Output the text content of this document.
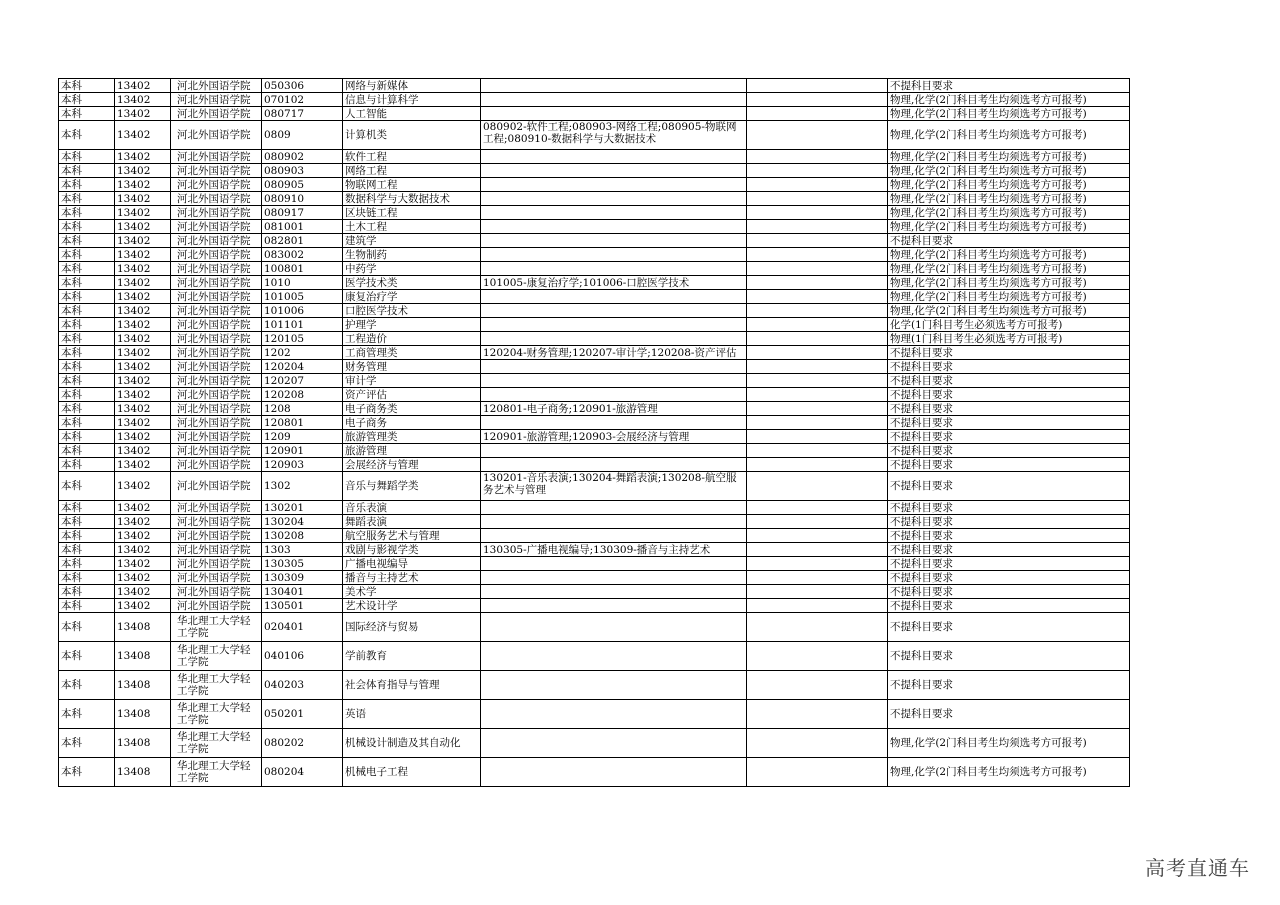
本科	13402	河北外国语学院	050306	网络与新媒体			不提科目要求
本科	13402	河北外国语学院	070102	信息与计算科学			物理,化学(2门科目考生均须选考方可报考)
本科	13402	河北外国语学院	080717	人工智能			物理,化学(2门科目考生均须选考方可报考)
本科	13402	河北外国语学院	0809	计算机类	080902-软件工程;080903-网络工程;080905-物联网工程;080910-数据科学与大数据技术		物理,化学(2门科目考生均须选考方可报考)
本科	13402	河北外国语学院	080902	软件工程			物理,化学(2门科目考生均须选考方可报考)
本科	13402	河北外国语学院	080903	网络工程			物理,化学(2门科目考生均须选考方可报考)
本科	13402	河北外国语学院	080905	物联网工程			物理,化学(2门科目考生均须选考方可报考)
本科	13402	河北外国语学院	080910	数据科学与大数据技术			物理,化学(2门科目考生均须选考方可报考)
本科	13402	河北外国语学院	080917	区块链工程			物理,化学(2门科目考生均须选考方可报考)
本科	13402	河北外国语学院	081001	土木工程			物理,化学(2门科目考生均须选考方可报考)
本科	13402	河北外国语学院	082801	建筑学			不提科目要求
本科	13402	河北外国语学院	083002	生物制药			物理,化学(2门科目考生均须选考方可报考)
本科	13402	河北外国语学院	100801	中药学			物理,化学(2门科目考生均须选考方可报考)
本科	13402	河北外国语学院	1010	医学技术类	101005-康复治疗学;101006-口腔医学技术		物理,化学(2门科目考生均须选考方可报考)
本科	13402	河北外国语学院	101005	康复治疗学			物理,化学(2门科目考生均须选考方可报考)
本科	13402	河北外国语学院	101006	口腔医学技术			物理,化学(2门科目考生均须选考方可报考)
本科	13402	河北外国语学院	101101	护理学			化学(1门科目考生必须选考方可报考)
本科	13402	河北外国语学院	120105	工程造价			物理(1门科目考生必须选考方可报考)
本科	13402	河北外国语学院	1202	工商管理类	120204-财务管理;120207-审计学;120208-资产评估		不提科目要求
本科	13402	河北外国语学院	120204	财务管理			不提科目要求
本科	13402	河北外国语学院	120207	审计学			不提科目要求
本科	13402	河北外国语学院	120208	资产评估			不提科目要求
本科	13402	河北外国语学院	1208	电子商务类	120801-电子商务;120901-旅游管理		不提科目要求
本科	13402	河北外国语学院	120801	电子商务			不提科目要求
本科	13402	河北外国语学院	1209	旅游管理类	120901-旅游管理;120903-会展经济与管理		不提科目要求
本科	13402	河北外国语学院	120901	旅游管理			不提科目要求
本科	13402	河北外国语学院	120903	会展经济与管理			不提科目要求
本科	13402	河北外国语学院	1302	音乐与舞蹈学类	130201-音乐表演;130204-舞蹈表演;130208-航空服务艺术与管理		不提科目要求
本科	13402	河北外国语学院	130201	音乐表演			不提科目要求
本科	13402	河北外国语学院	130204	舞蹈表演			不提科目要求
本科	13402	河北外国语学院	130208	航空服务艺术与管理			不提科目要求
本科	13402	河北外国语学院	1303	戏剧与影视学类	130305-广播电视编导;130309-播音与主持艺术		不提科目要求
本科	13402	河北外国语学院	130305	广播电视编导			不提科目要求
本科	13402	河北外国语学院	130309	播音与主持艺术			不提科目要求
本科	13402	河北外国语学院	130401	美术学			不提科目要求
本科	13402	河北外国语学院	130501	艺术设计学			不提科目要求
本科	13408	华北理工大学轻工学院	020401	国际经济与贸易			不提科目要求
本科	13408	华北理工大学轻工学院	040106	学前教育			不提科目要求
本科	13408	华北理工大学轻工学院	040203	社会体育指导与管理			不提科目要求
本科	13408	华北理工大学轻工学院	050201	英语			不提科目要求
本科	13408	华北理工大学轻工学院	080202	机械设计制造及其自动化			物理,化学(2门科目考生均须选考方可报考)
本科	13408	华北理工大学轻工学院	080204	机械电子工程			物理,化学(2门科目考生均须选考方可报考)
高考直通车
